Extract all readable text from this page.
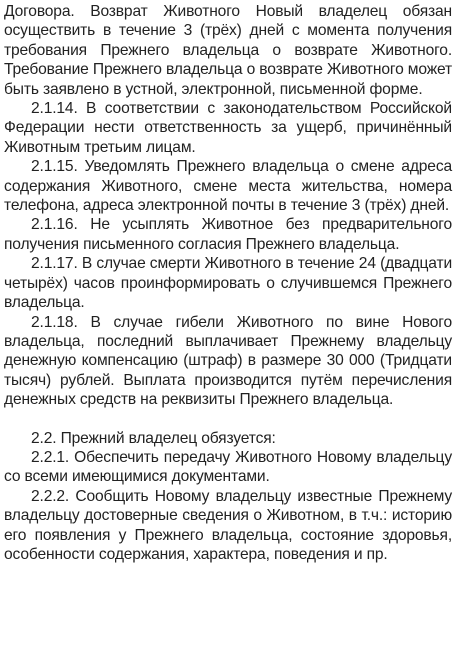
Договора. Возврат Животного Новый владелец обязан осуществить в течение 3 (трёх) дней с момента получения требования Прежнего владельца о возврате Животного. Требование Прежнего владельца о возврате Животного может быть заявлено в устной, электронной, письменной форме.

2.1.14. В соответствии с законодательством Российской Федерации нести ответственность за ущерб, причинённый Животным третьим лицам.

2.1.15. Уведомлять Прежнего владельца о смене адреса содержания Животного, смене места жительства, номера телефона, адреса электронной почты в течение 3 (трёх) дней.

2.1.16. Не усыплять Животное без предварительного получения письменного согласия Прежнего владельца.

2.1.17. В случае смерти Животного в течение 24 (двадцати четырёх) часов проинформировать о случившемся Прежнего владельца.

2.1.18. В случае гибели Животного по вине Нового владельца, последний выплачивает Прежнему владельцу денежную компенсацию (штраф) в размере 30 000 (Тридцати тысяч) рублей. Выплата производится путём перечисления денежных средств на реквизиты Прежнего владельца.

2.2. Прежний владелец обязуется:

2.2.1. Обеспечить передачу Животного Новому владельцу со всеми имеющимися документами.

2.2.2. Сообщить Новому владельцу известные Прежнему владельцу достоверные сведения о Животном, в т.ч.: историю его появления у Прежнего владельца, состояние здоровья, особенности содержания, характера, поведения и пр.
